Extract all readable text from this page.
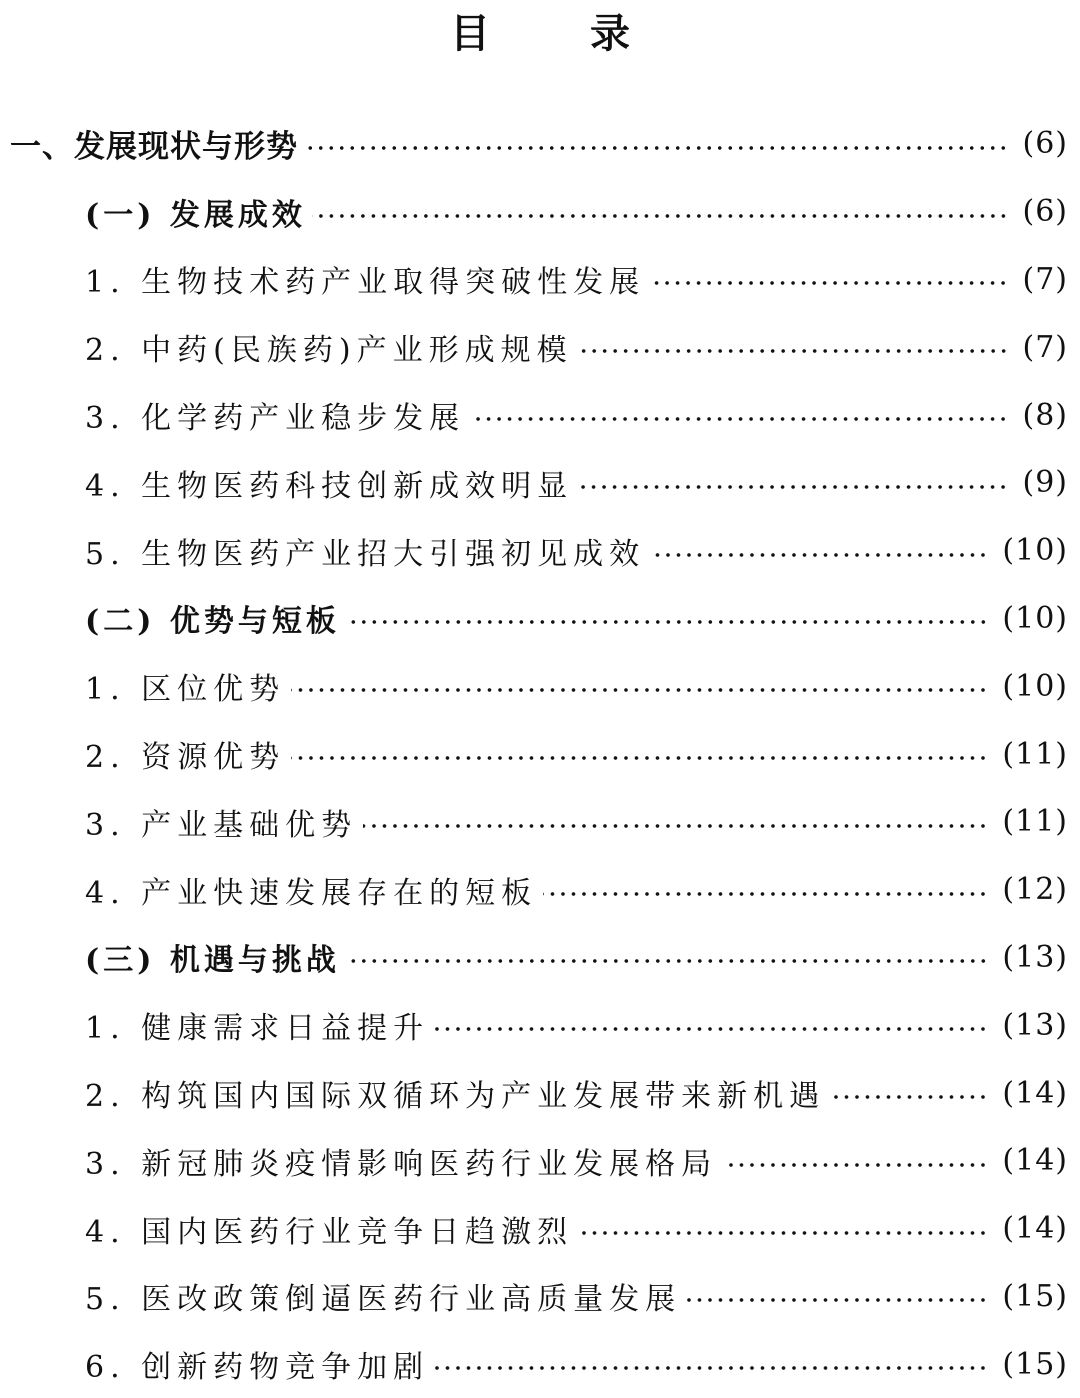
目	录
一、发展现状与形势	(6)
(一) 发展成效	(6)
1. 生物技术药产业取得突破性发展	(7)
2. 中药(民族药)产业形成规模	(7)
3. 化学药产业稳步发展	(8)
4. 生物医药科技创新成效明显	(9)
5. 生物医药产业招大引强初见成效	(10)
(二) 优势与短板	(10)
1. 区位优势	(10)
2. 资源优势	(11)
3. 产业基础优势	(11)
4. 产业快速发展存在的短板	(12)
(三) 机遇与挑战	(13)
1. 健康需求日益提升	(13)
2. 构筑国内国际双循环为产业发展带来新机遇	(14)
3. 新冠肺炎疫情影响医药行业发展格局	(14)
4. 国内医药行业竞争日趋激烈	(14)
5. 医改政策倒逼医药行业高质量发展	(15)
6. 创新药物竞争加剧	(15)
